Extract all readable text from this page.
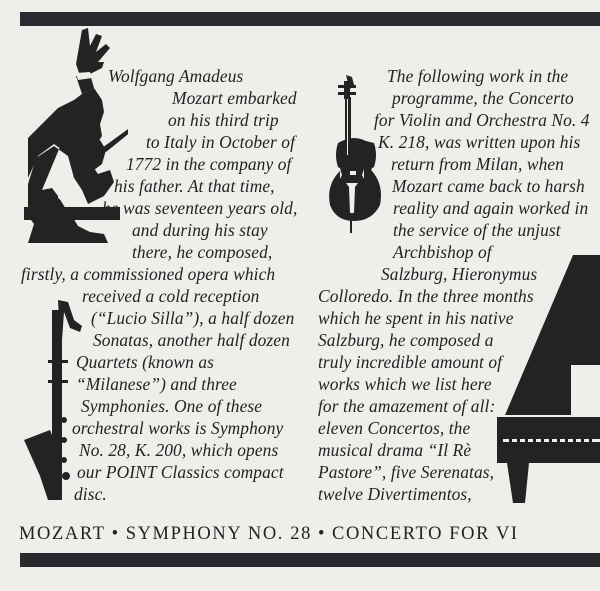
Wolfgang Amadeus
Mozart embarked
on his third trip
to Italy in October of
1772 in the company of
his father. At that time,
he was seventeen years old,
and during his stay
there, he composed,
firstly, a commissioned opera which
received a cold reception
(“Lucio Silla”), a half dozen
Sonatas, another half dozen
Quartets (known as
“Milanese”) and three
Symphonies. One of these
orchestral works is Symphony
No. 28, K. 200, which opens
our POINT Classics compact
disc.
The following work in the
programme, the Concerto
for Violin and Orchestra No. 4
K. 218, was written upon his
return from Milan, when
Mozart came back to harsh
reality and again worked in
the service of the unjust
Archbishop of
Salzburg, Hieronymus
Colloredo. In the three months
which he spent in his native
Salzburg, he composed a
truly incredible amount of
works which we list here
for the amazement of all:
eleven Concertos, the
musical drama “Il Rè
Pastore”, five Serenatas,
twelve Divertimentos,
MOZART • SYMPHONY NO. 28 • CONCERTO FOR VI
